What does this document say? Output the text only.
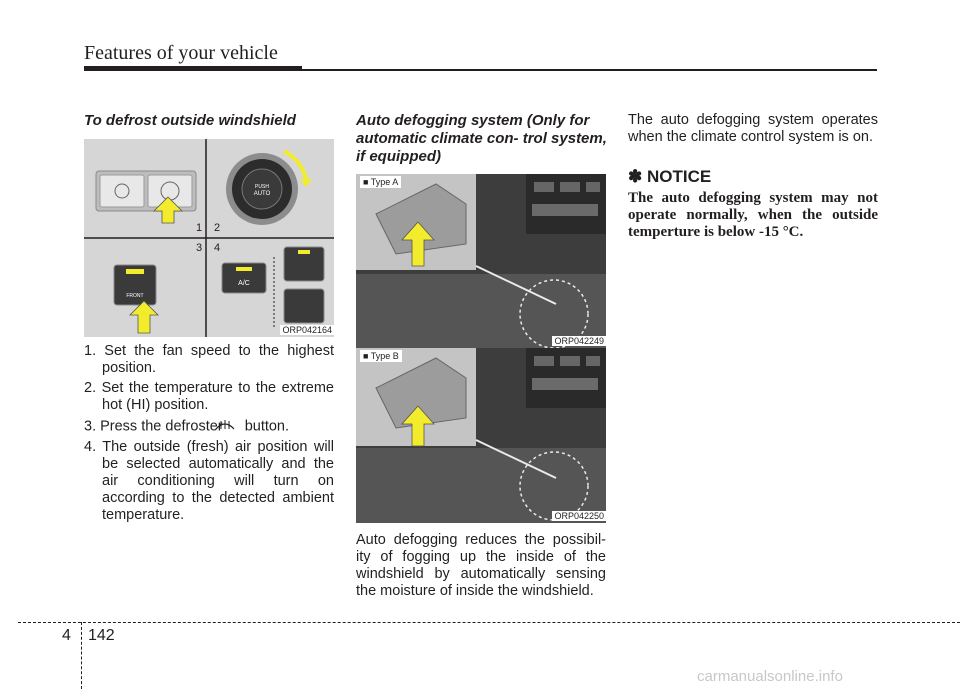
Features of your vehicle
To defrost outside windshield
PUSH
AUTO
1 2
3 4
FRONT
A/C
ORP042164
1. Set the fan speed to the highest position.
2. Set the temperature to the extreme hot (HI) position.
3. Press the defroster button.
4. The outside (fresh) air position will be selected automatically and the air conditioning will turn on according to the detected ambient temperature.
Auto defogging system (Only for automatic climate con- trol system, if equipped)
■ Type A
ORP042249
■ Type B
ORP042250
Auto defogging reduces the possibil- ity of fogging up the inside of the windshield by automatically sensing the moisture of inside the windshield.
The auto defogging system operates when the climate control system is on.
✽ NOTICE
The auto defogging system may not operate normally, when the outside temperture is below -15 °C.
4 142
carmanualsonline.info
